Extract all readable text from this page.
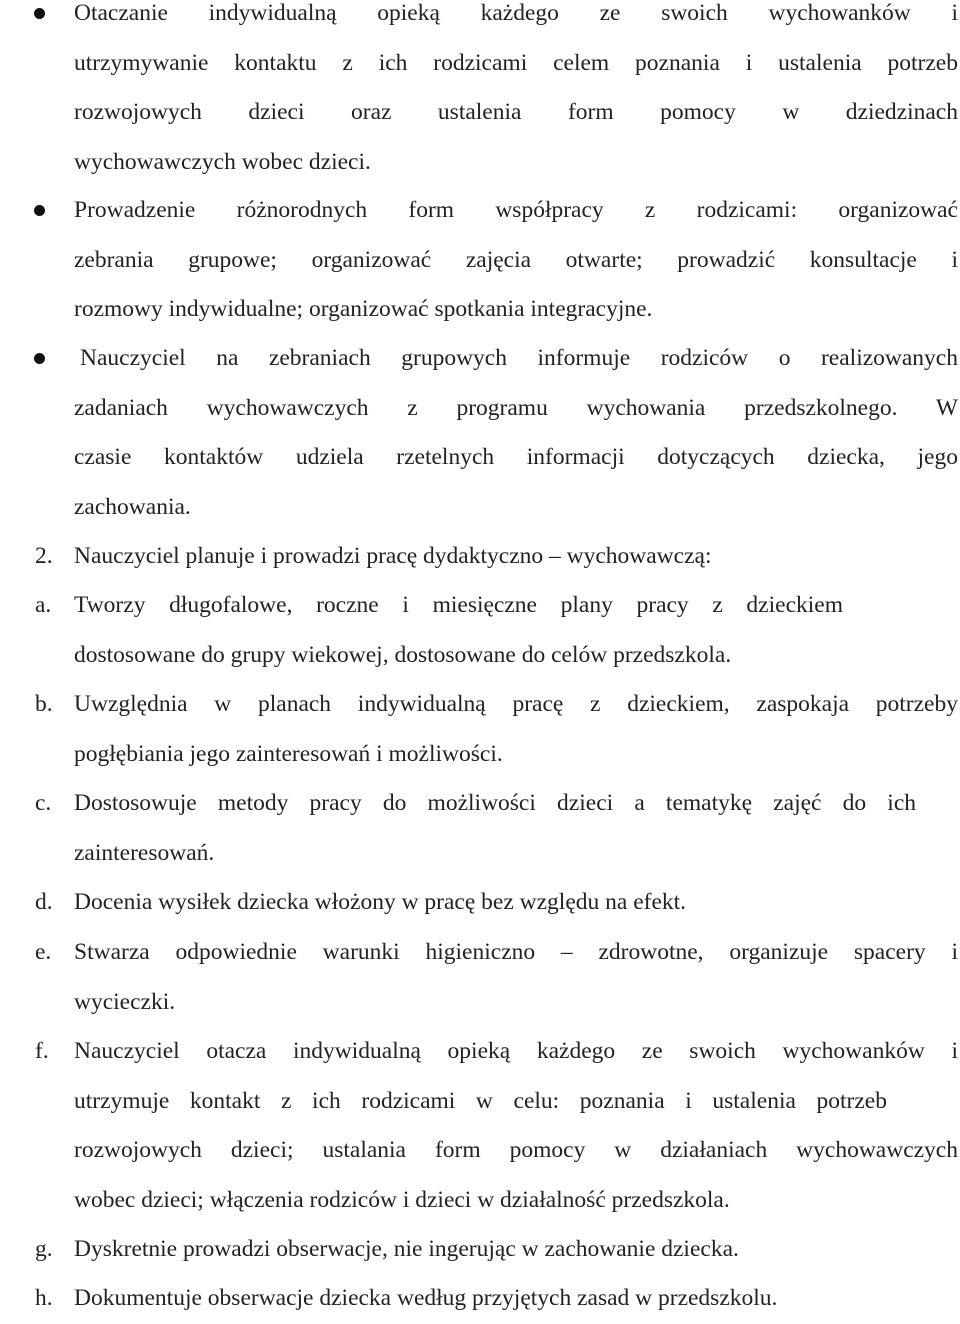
Otaczanie indywidualną opieką każdego ze swoich wychowanków i
utrzymywanie kontaktu z ich rodzicami celem poznania i ustalenia potrzeb
rozwojowych dzieci oraz ustalenia form pomocy w dziedzinach
wychowawczych wobec dzieci.
Prowadzenie różnorodnych form współpracy z rodzicami: organizować
zebrania grupowe; organizować zajęcia otwarte; prowadzić konsultacje i
rozmowy indywidualne; organizować spotkania integracyjne.
Nauczyciel na zebraniach grupowych informuje rodziców o realizowanych
zadaniach wychowawczych z programu wychowania przedszkolnego. W
czasie kontaktów udziela rzetelnych informacji dotyczących dziecka, jego
zachowania.
2. Nauczyciel planuje i prowadzi pracę dydaktyczno – wychowawczą:
a. Tworzy długofalowe, roczne i miesięczne plany pracy z dzieckiem
dostosowane do grupy wiekowej, dostosowane do celów przedszkola.
b. Uwzględnia w planach indywidualną pracę z dzieckiem, zaspokaja potrzeby
pogłębiania jego zainteresowań i możliwości.
c. Dostosowuje metody pracy do możliwości dzieci a tematykę zajęć do ich
zainteresowań.
d. Docenia wysiłek dziecka włożony w pracę bez względu na efekt.
e. Stwarza odpowiednie warunki higieniczno – zdrowotne, organizuje spacery i
wycieczki.
f. Nauczyciel otacza indywidualną opieką każdego ze swoich wychowanków i
utrzymuje kontakt z ich rodzicami w celu: poznania i ustalenia potrzeb
rozwojowych dzieci; ustalania form pomocy w działaniach wychowawczych
wobec dzieci; włączenia rodziców i dzieci w działalność przedszkola.
g. Dyskretnie prowadzi obserwacje, nie ingerując w zachowanie dziecka.
h. Dokumentuje obserwacje dziecka według przyjętych zasad w przedszkolu.
